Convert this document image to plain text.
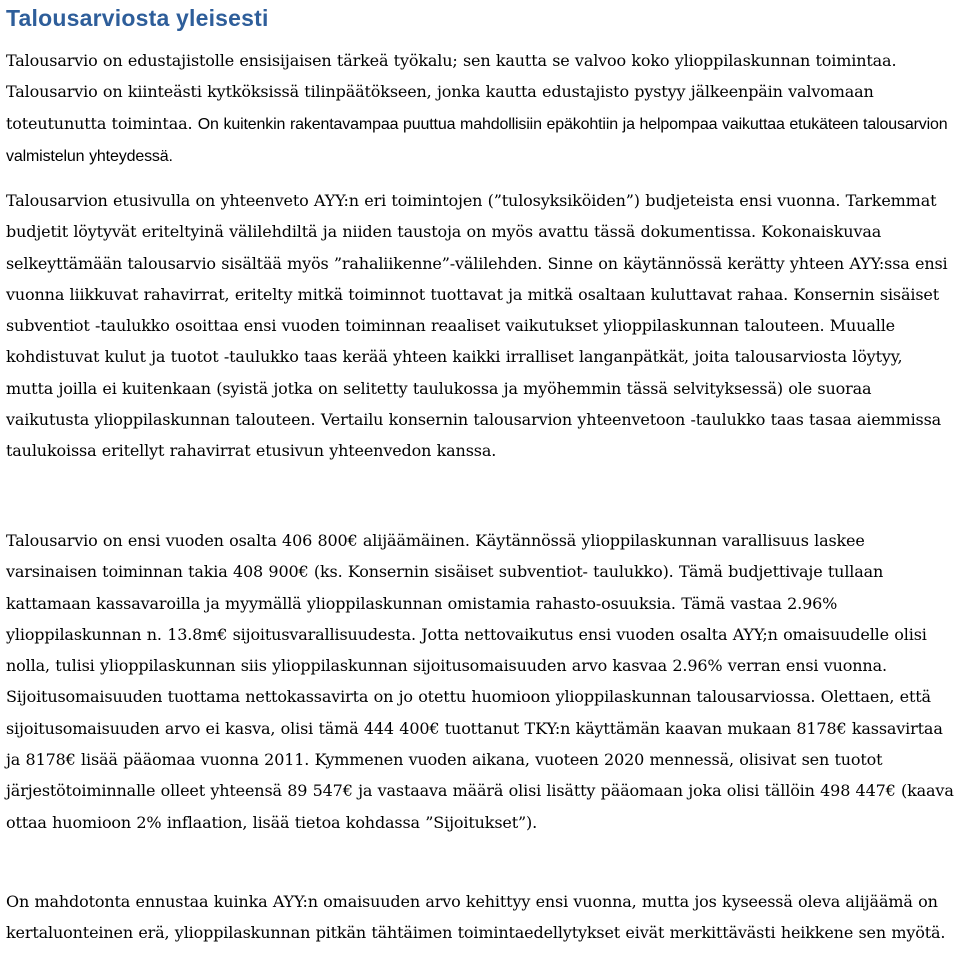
Talousarviosta yleisesti

Talousarvio on edustajistolle ensisijaisen tärkeä työkalu; sen kautta se valvoo koko ylioppilaskunnan toimintaa. Talousarvio on kiinteästi kytköksissä tilinpäätökseen, jonka kautta edustajisto pystyy jälkeenpäin valvomaan toteutunutta toimintaa. On kuitenkin rakentavampaa puuttua mahdollisiin epäkohtiin ja helpompaa vaikuttaa etukäteen talousarvion valmistelun yhteydessä.

Talousarvion etusivulla on yhteenveto AYY:n eri toimintojen (”tulosyksiköiden”) budjeteista ensi vuonna. Tarkemmat budjetit löytyvät eriteltyinä välilehdiltä ja niiden taustoja on myös avattu tässä dokumentissa. Kokonaiskuvaa selkeyttämään talousarvio sisältää myös ”rahaliikenne”-välilehden. Sinne on käytännössä kerätty yhteen AYY:ssa ensi vuonna liikkuvat rahavirrat, eritelty mitkä toiminnot tuottavat ja mitkä osaltaan kuluttavat rahaa. Konsernin sisäiset subventiot -taulukko osoittaa ensi vuoden toiminnan reaaliset vaikutukset ylioppilaskunnan talouteen. Muualle kohdistuvat kulut ja tuotot -taulukko taas kerää yhteen kaikki irralliset langanpätkät, joita talousarviosta löytyy, mutta joilla ei kuitenkaan (syistä jotka on selitetty taulukossa ja myöhemmin tässä selvityksessä) ole suoraa vaikutusta ylioppilaskunnan talouteen. Vertailu konsernin talousarvion yhteenvetoon -taulukko taas tasaa aiemmissa taulukoissa eritellyt rahavirrat etusivun yhteenvedon kanssa.

Talousarvio on ensi vuoden osalta 406 800€ alijäämäinen. Käytännössä ylioppilaskunnan varallisuus laskee varsinaisen toiminnan takia 408 900€ (ks. Konsernin sisäiset subventiot- taulukko). Tämä budjettivaje tullaan kattamaan kassavaroilla ja myymällä ylioppilaskunnan omistamia rahasto-osuuksia. Tämä vastaa 2.96% ylioppilaskunnan n. 13.8m€ sijoitusvarallisuudesta. Jotta nettovaikutus ensi vuoden osalta AYY;n omaisuudelle olisi nolla, tulisi ylioppilaskunnan siis ylioppilaskunnan sijoitusomaisuuden arvo kasvaa 2.96% verran ensi vuonna. Sijoitusomaisuuden tuottama nettokassavirta on jo otettu huomioon ylioppilaskunnan talousarviossa. Olettaen, että sijoitusomaisuuden arvo ei kasva, olisi tämä 444 400€ tuottanut TKY:n käyttämän kaavan mukaan 8178€ kassavirtaa ja 8178€ lisää pääomaa vuonna 2011. Kymmenen vuoden aikana, vuoteen 2020 mennessä, olisivat sen tuotot järjestötoiminnalle olleet yhteensä 89 547€ ja vastaava määrä olisi lisätty pääomaan joka olisi tällöin 498 447€ (kaava ottaa huomioon 2% inflaation, lisää tietoa kohdassa ”Sijoitukset”).

On mahdotonta ennustaa kuinka AYY:n omaisuuden arvo kehittyy ensi vuonna, mutta jos kyseessä oleva alijäämä on kertaluonteinen erä, ylioppilaskunnan pitkän tähtäimen toimintaedellytykset eivät merkittävästi heikkene sen myötä.
